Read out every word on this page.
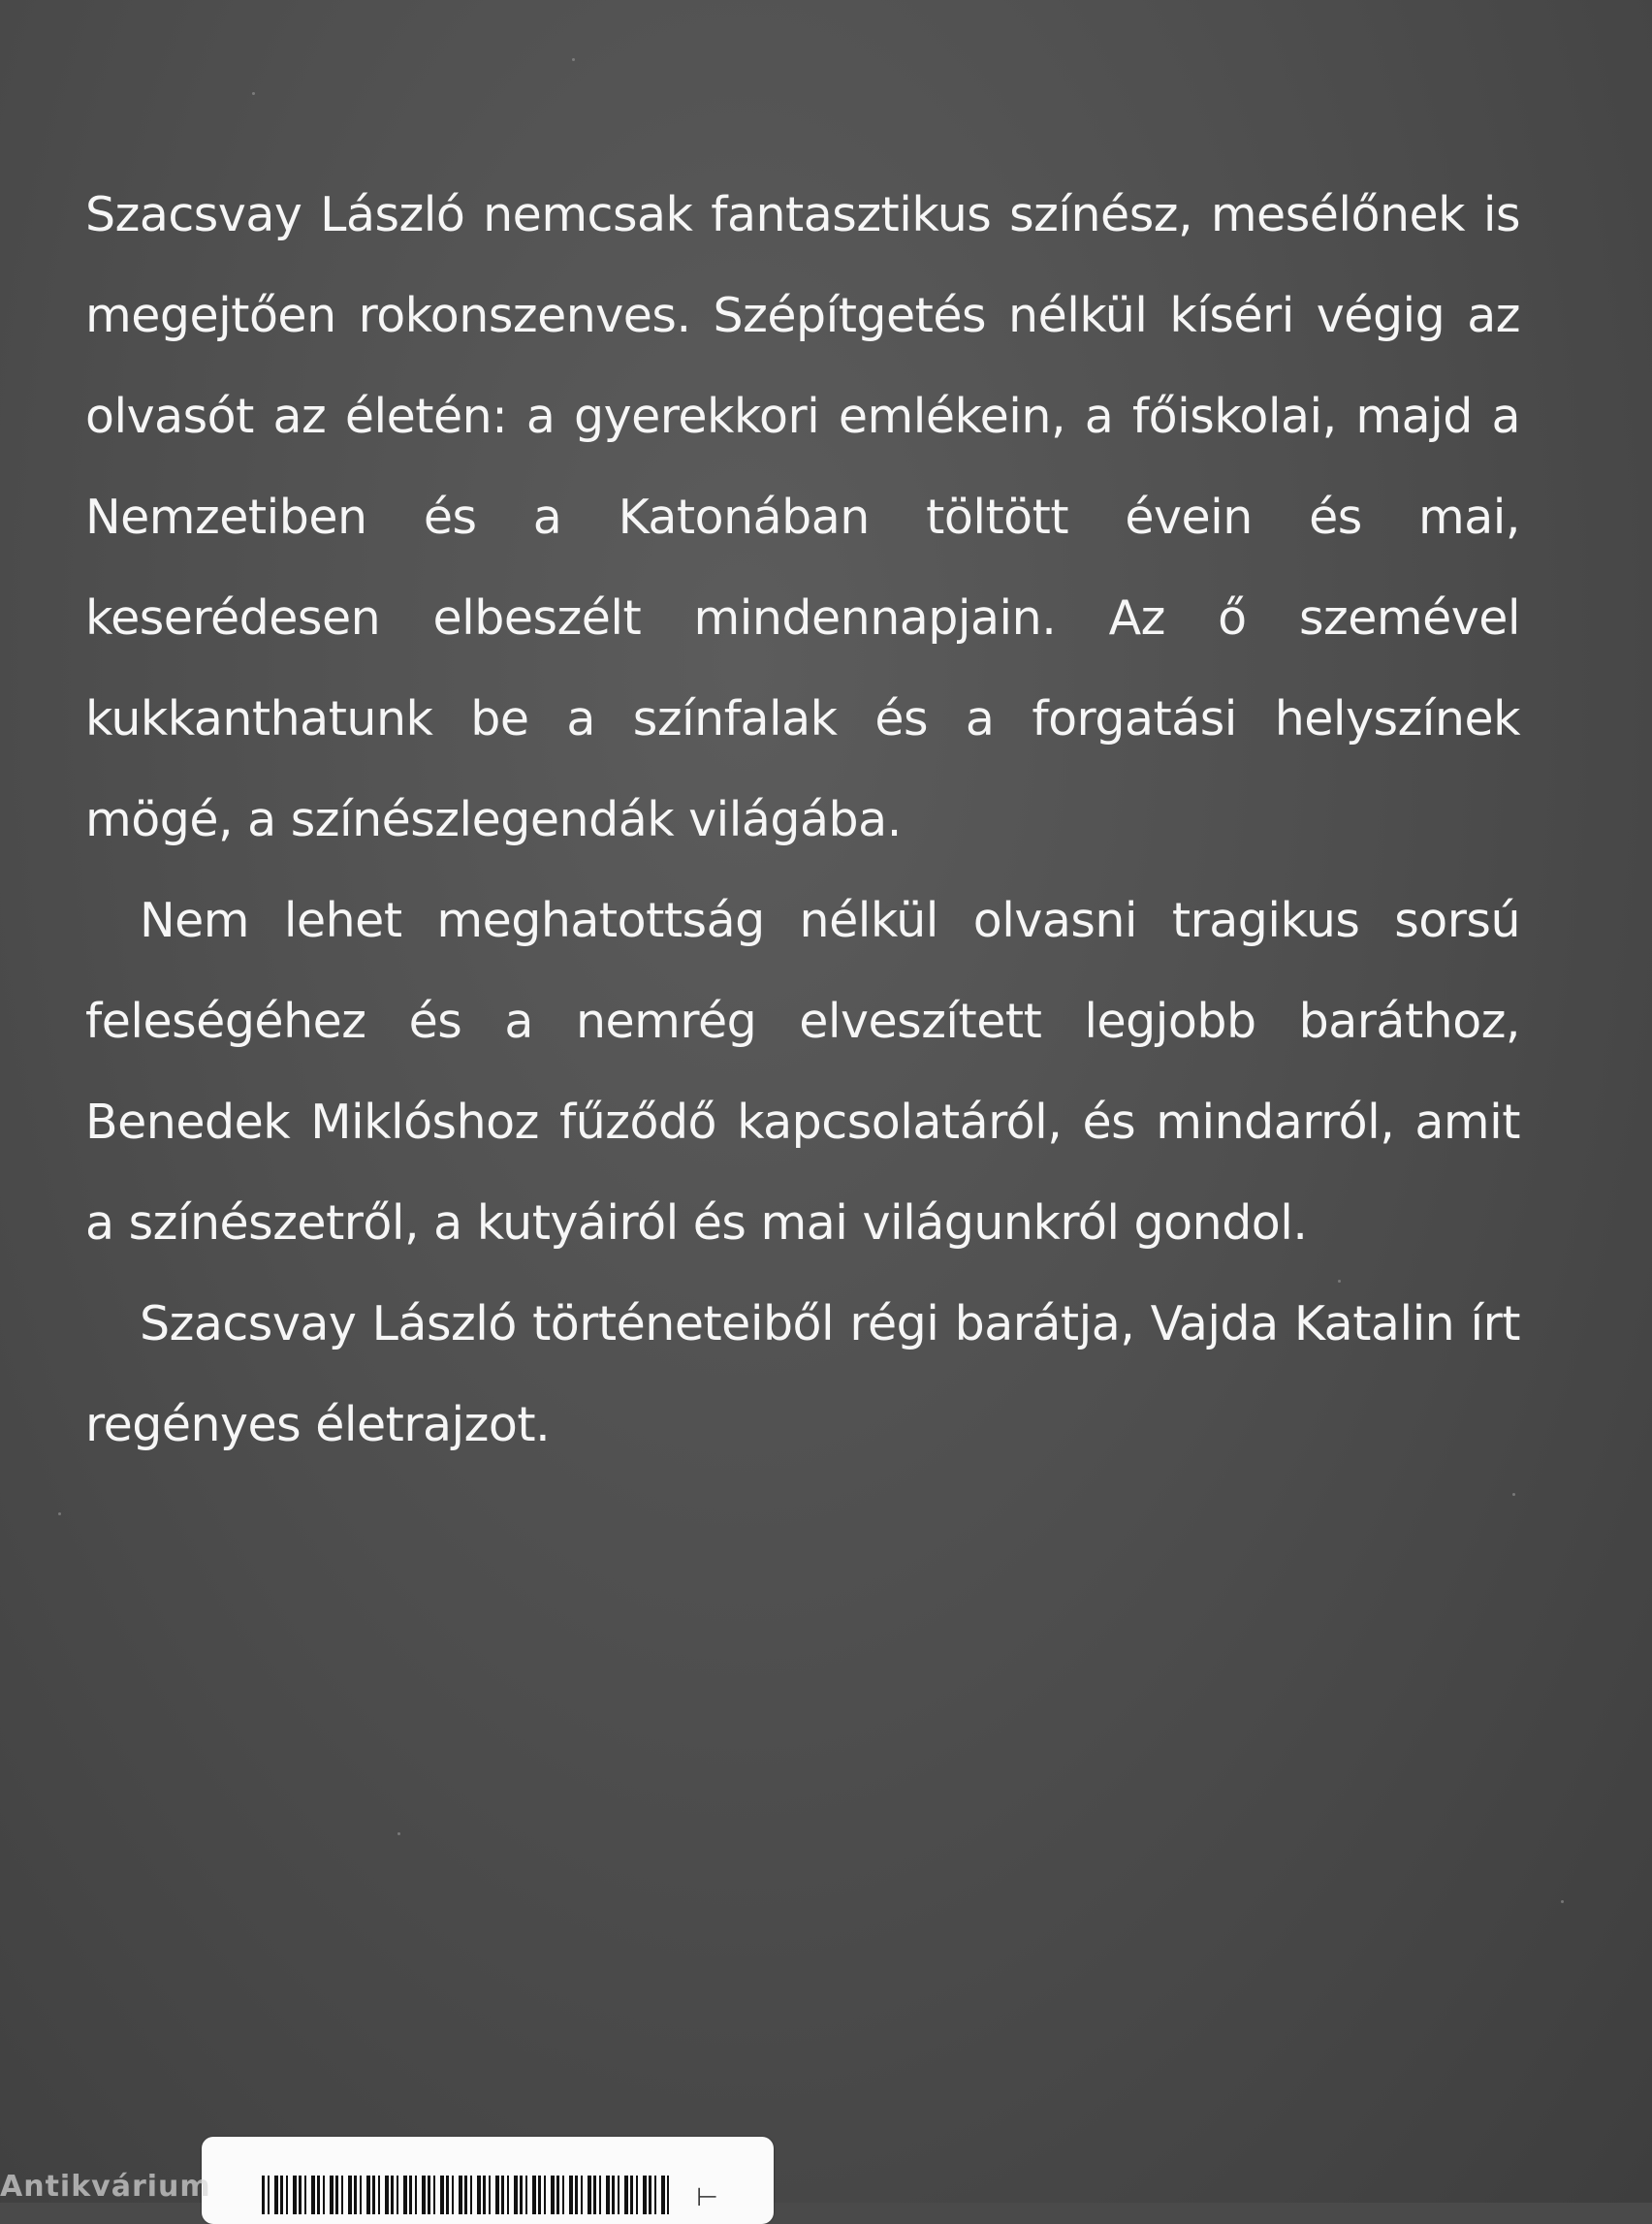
Szacsvay László nemcsak fantasztikus színész, mesélőnek is megejtően rokonszenves. Szépítgetés nélkül kíséri végig az olvasót az életén: a gyerekkori emlékein, a főiskolai, majd a Nemzetiben és a Katonában töltött évein és mai, keserédesen elbeszélt mindennapjain. Az ő szemével kukkanthatunk be a színfalak és a forgatási helyszínek mögé, a színészlegendák világába.

Nem lehet meghatottság nélkül olvasni tragikus sorsú feleségéhez és a nemrég elveszített legjobb baráthoz, Benedek Miklóshoz fűződő kapcsolatáról, és mindarról, amit a színészetről, a kutyáiról és mai világunkról gondol.

Szacsvay László történeteiből régi barátja, Vajda Katalin írt regényes életrajzot.

⊢
Antikvárium
